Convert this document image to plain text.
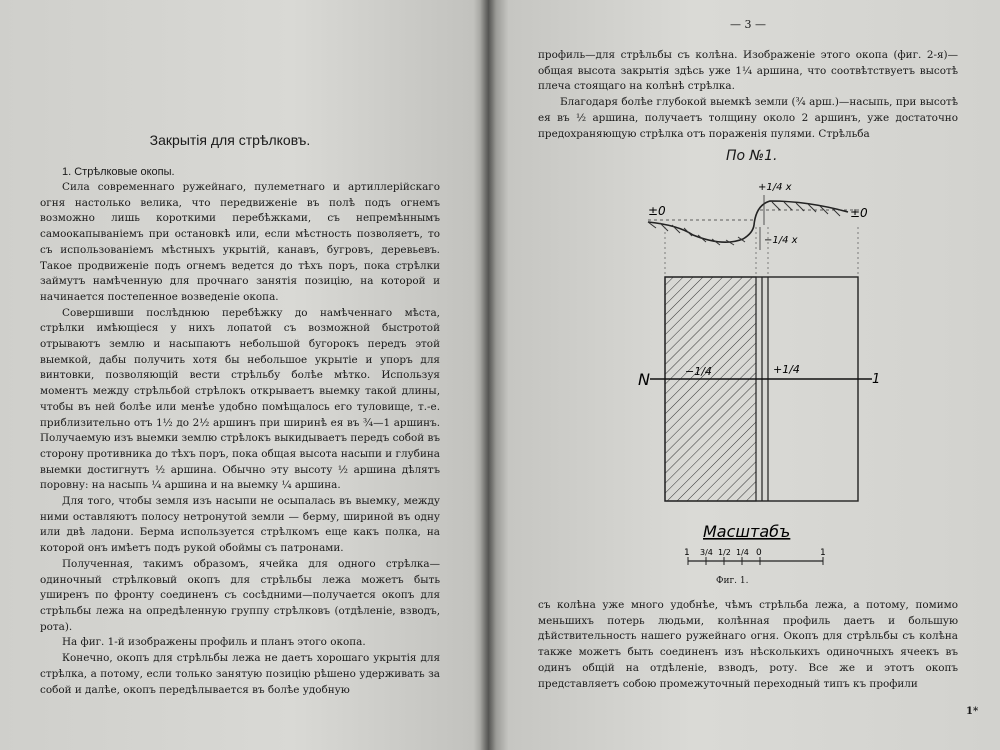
Закрытія для стрѣлковъ.
1. Стрѣлковые окопы.

Сила современнаго ружейнаго, пулеметнаго и артиллерійскаго огня настолько велика, что передвиженіе въ полѣ подъ огнемъ возможно лишь короткими перебѣжками, съ непремѣннымъ самоокапываніемъ при остановкѣ или, если мѣстность позволяетъ, то съ использованіемъ мѣстныхъ укрытій, канавъ, бугровъ, деревьевъ. Такое продвиженіе подъ огнемъ ведется до тѣхъ поръ, пока стрѣлки займутъ намѣченную для прочнаго занятія позицію, на которой и начинается постепенное возведеніе окопа.

Совершивши послѣднюю перебѣжку до намѣченнаго мѣста, стрѣлки имѣющіеся у нихъ лопатой съ возможной быстротой отрываютъ землю и насыпаютъ небольшой бугорокъ передъ этой выемкой, дабы получить хотя бы небольшое укрытіе и упоръ для винтовки, позволяющій вести стрѣльбу болѣе мѣтко. Используя моментъ между стрѣльбой стрѣлокъ открываетъ выемку такой длины, чтобы въ ней болѣе или менѣе удобно помѣщалось его туловище, т.-е. приблизительно отъ 1½ до 2½ аршинъ при ширинѣ ея въ ¾—1 аршинъ. Получаемую изъ выемки землю стрѣлокъ выкидываетъ передъ собой въ сторону противника до тѣхъ поръ, пока общая высота насыпи и глубина выемки достигнутъ ½ аршина. Обычно эту высоту ½ аршина дѣлятъ поровну: на насыпь ¼ аршина и на выемку ¼ аршина.

Для того, чтобы земля изъ насыпи не осыпалась въ выемку, между ними оставляютъ полосу нетронутой земли — берму, шириной въ одну или двѣ ладони. Берма используется стрѣлкомъ еще какъ полка, на которой онъ имѣетъ подъ рукой обоймы съ патронами.

Полученная, такимъ образомъ, ячейка для одного стрѣлка—одиночный стрѣлковый окопъ для стрѣльбы лежа можетъ быть уширенъ по фронту соединенъ съ сосѣдними—получается окопъ для стрѣльбы лежа на опредѣленную группу стрѣлковъ (отдѣленіе, взводъ, рота).

На фиг. 1-й изображены профиль и планъ этого окопа.

Конечно, окопъ для стрѣльбы лежа не даетъ хорошаго укрытія для стрѣлка, а потому, если только занятую позицію рѣшено удерживать за собой и далѣе, окопъ передѣлывается въ болѣе удобную

— 3 —

профиль—для стрѣльбы съ колѣна. Изображеніе этого окопа (фиг. 2-я)—общая высота закрытія здѣсь уже 1¼ аршина, что соотвѣтствуетъ высотѣ плеча стоящаго на колѣнѣ стрѣлка.

Благодаря болѣе глубокой выемкѣ земли (¾ арш.)—насыпь, при высотѣ ея въ ½ аршина, получаетъ толщину около 2 аршинъ, уже достаточно предохраняющую стрѣлка отъ пораженія пулями. Стрѣльба

По №1.
±0	±0
+1/4 x
−1/4 x
N	−1/4	+1/4
1
Масштабъ
1 3/4 1/2 1/4 0	1
Фиг. 1.

съ колѣна уже много удобнѣе, чѣмъ стрѣльба лежа, а потому, помимо меньшихъ потерь людьми, колѣнная профиль даетъ и большую дѣйствительность нашего ружейнаго огня. Окопъ для стрѣльбы съ колѣна также можетъ быть соединенъ изъ нѣсколькихъ одиночныхъ ячеекъ въ одинъ общій на отдѣленіе, взводъ, роту. Все же и этотъ окопъ представляетъ собою промежуточный переходный типъ къ профили

1*
